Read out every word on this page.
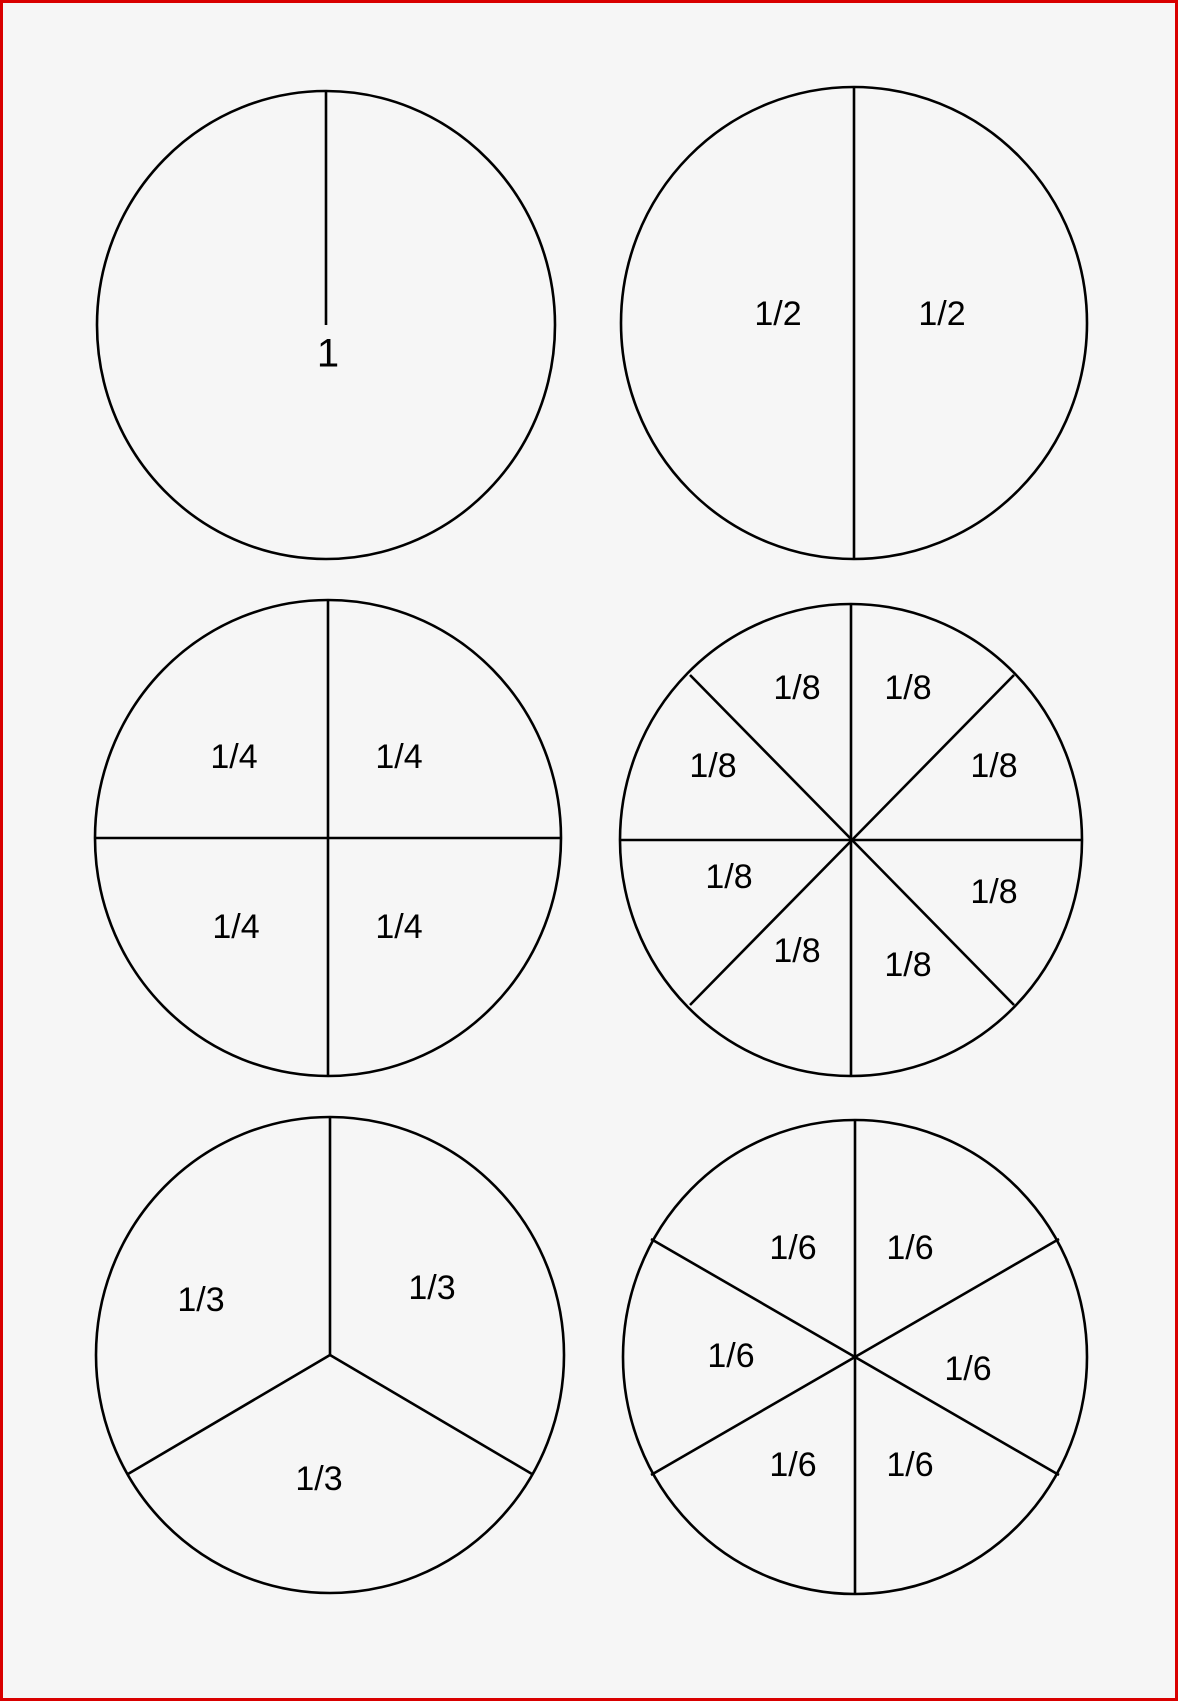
1
1/2	1/2
1/4	1/4
1/4	1/4
1/8 1/8
1/8	1/8
1/8	1/8
1/8 1/8
1/3	1/3
1/3
1/6 1/6
1/6	1/6
1/6 1/6
